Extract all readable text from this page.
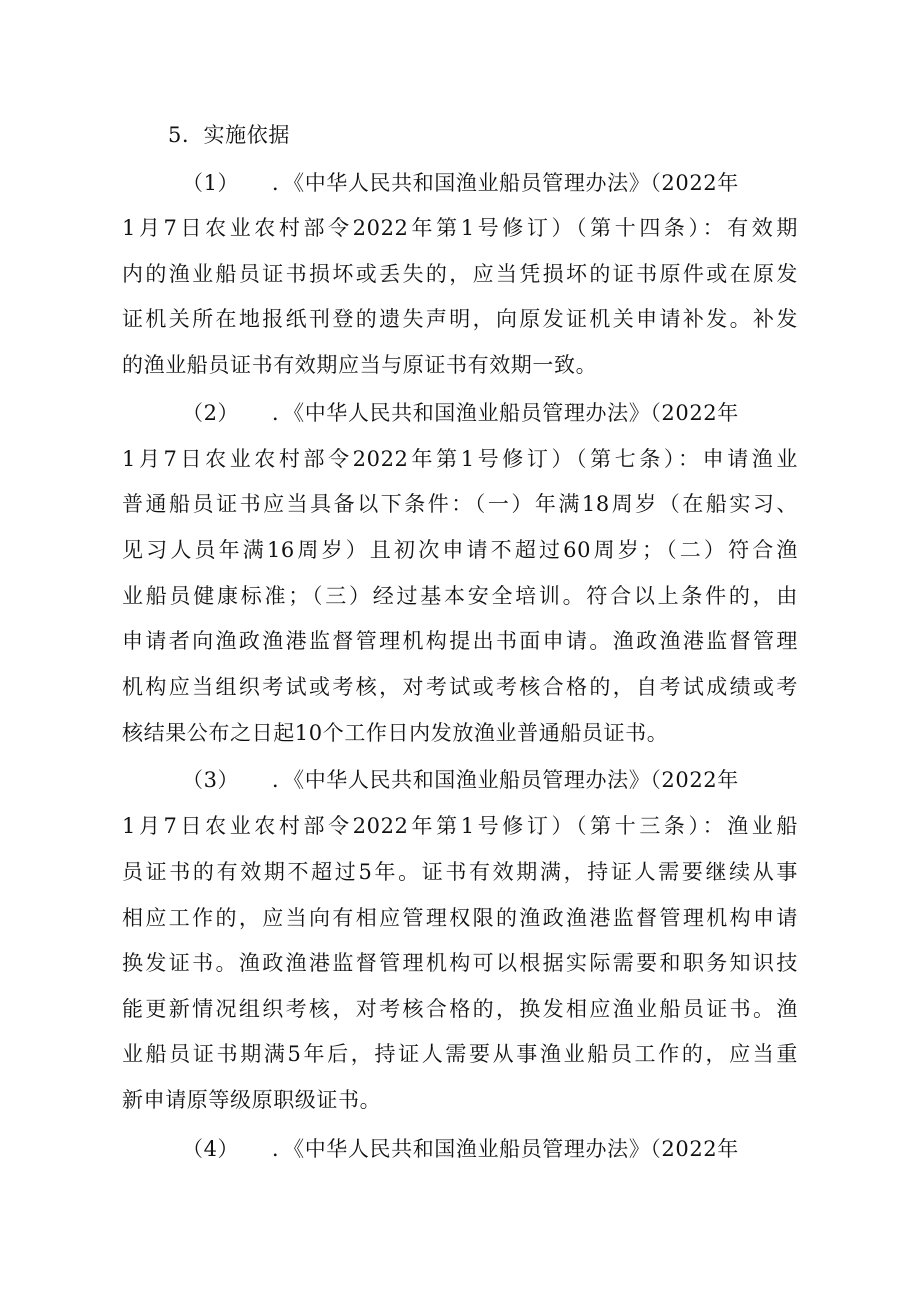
5．实施依据
（1） ．《中华人民共和国渔业船员管理办法》（2022年
1月7日农业农村部令2022年第1号修订）（第十四条）：有效期
内的渔业船员证书损坏或丢失的，应当凭损坏的证书原件或在原发
证机关所在地报纸刊登的遗失声明，向原发证机关申请补发。补发
的渔业船员证书有效期应当与原证书有效期一致。
（2） ．《中华人民共和国渔业船员管理办法》（2022年
1月7日农业农村部令2022年第1号修订）（第七条）：申请渔业
普通船员证书应当具备以下条件：（一）年满18周岁（在船实习、
见习人员年满16周岁）且初次申请不超过60周岁；（二）符合渔
业船员健康标准；（三）经过基本安全培训。符合以上条件的，由
申请者向渔政渔港监督管理机构提出书面申请。渔政渔港监督管理
机构应当组织考试或考核，对考试或考核合格的，自考试成绩或考
核结果公布之日起10个工作日内发放渔业普通船员证书。
（3） ．《中华人民共和国渔业船员管理办法》（2022年
1月7日农业农村部令2022年第1号修订）（第十三条）：渔业船
员证书的有效期不超过5年。证书有效期满，持证人需要继续从事
相应工作的，应当向有相应管理权限的渔政渔港监督管理机构申请
换发证书。渔政渔港监督管理机构可以根据实际需要和职务知识技
能更新情况组织考核，对考核合格的，换发相应渔业船员证书。渔
业船员证书期满5年后，持证人需要从事渔业船员工作的，应当重
新申请原等级原职级证书。
（4） ．《中华人民共和国渔业船员管理办法》（2022年
